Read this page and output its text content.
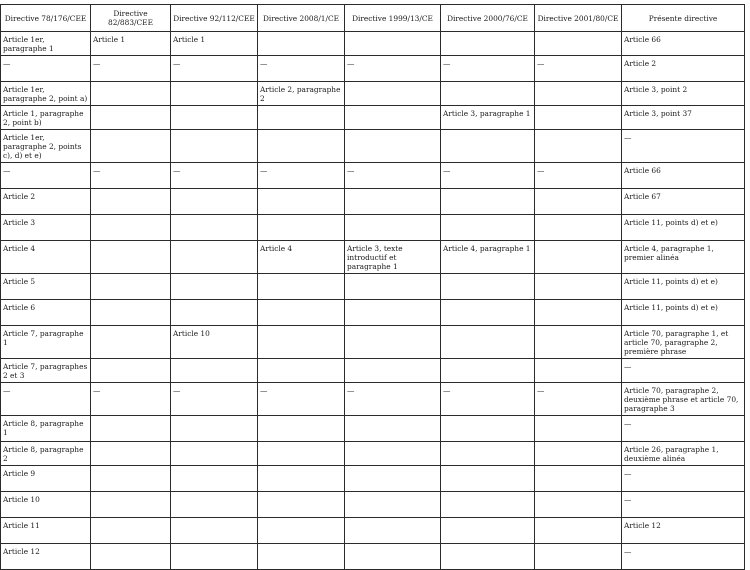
Directive 78/176/CEE	Directive 82/883/CEE	Directive 92/112/CEE	Directive 2008/1/CE	Directive 1999/13/CE	Directive 2000/76/CE	Directive 2001/80/CE	Présente directive
Article 1er, paragraphe 1	Article 1	Article 1					Article 66
—	—	—	—	—	—	—	Article 2
Article 1er, paragraphe 2, point a)			Article 2, paragraphe 2				Article 3, point 2
Article 1, paragraphe 2, point b)					Article 3, paragraphe 1		Article 3, point 37
Article 1er, paragraphe 2, points c), d) et e)							—
—	—	—	—	—	—	—	Article 66
Article 2							Article 67
Article 3							Article 11, points d) et e)
Article 4			Article 4	Article 3, texte introductif et paragraphe 1	Article 4, paragraphe 1		Article 4, paragraphe 1, premier alinéa
Article 5							Article 11, points d) et e)
Article 6							Article 11, points d) et e)
Article 7, paragraphe 1		Article 10					Article 70, paragraphe 1, et article 70, paragraphe 2, première phrase
Article 7, paragraphes 2 et 3							—
—	—	—	—	—	—	—	Article 70, paragraphe 2, deuxième phrase et article 70, paragraphe 3
Article 8, paragraphe 1							—
Article 8, paragraphe 2							Article 26, paragraphe 1, deuxième alinéa
Article 9							—
Article 10							—
Article 11							Article 12
Article 12							—
